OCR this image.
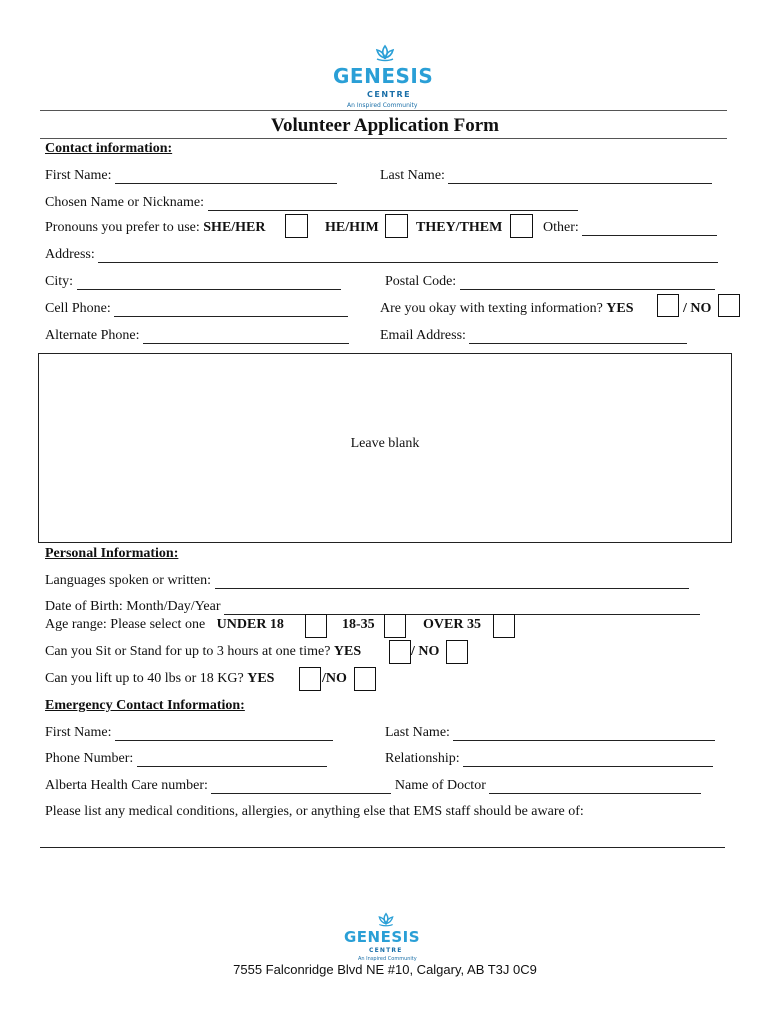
GENESIS
CENTRE
An Inspired Community
Volunteer Application Form
Contact information:
First Name:	Last Name:
Chosen Name or Nickname:
Pronouns you prefer to use: SHE/HER	HE/HIM	THEY/THEM	Other:
Address:
City:	Postal Code:
Cell Phone:	Are you okay with texting information? YES	/ NO
Alternate Phone:	Email Address:
Leave blank
Personal Information:
Languages spoken or written:
Date of Birth: Month/Day/Year
Age range: Please select one UNDER 18	18-35	OVER 35
Can you Sit or Stand for up to 3 hours at one time? YES	/ NO
Can you lift up to 40 lbs or 18 KG? YES	/NO
Emergency Contact Information:
First Name:	Last Name:
Phone Number:	Relationship:
Alberta Health Care number:	Name of Doctor
Please list any medical conditions, allergies, or anything else that EMS staff should be aware of:
GENESIS
CENTRE
An Inspired Community
7555 Falconridge Blvd NE #10, Calgary, AB T3J 0C9
